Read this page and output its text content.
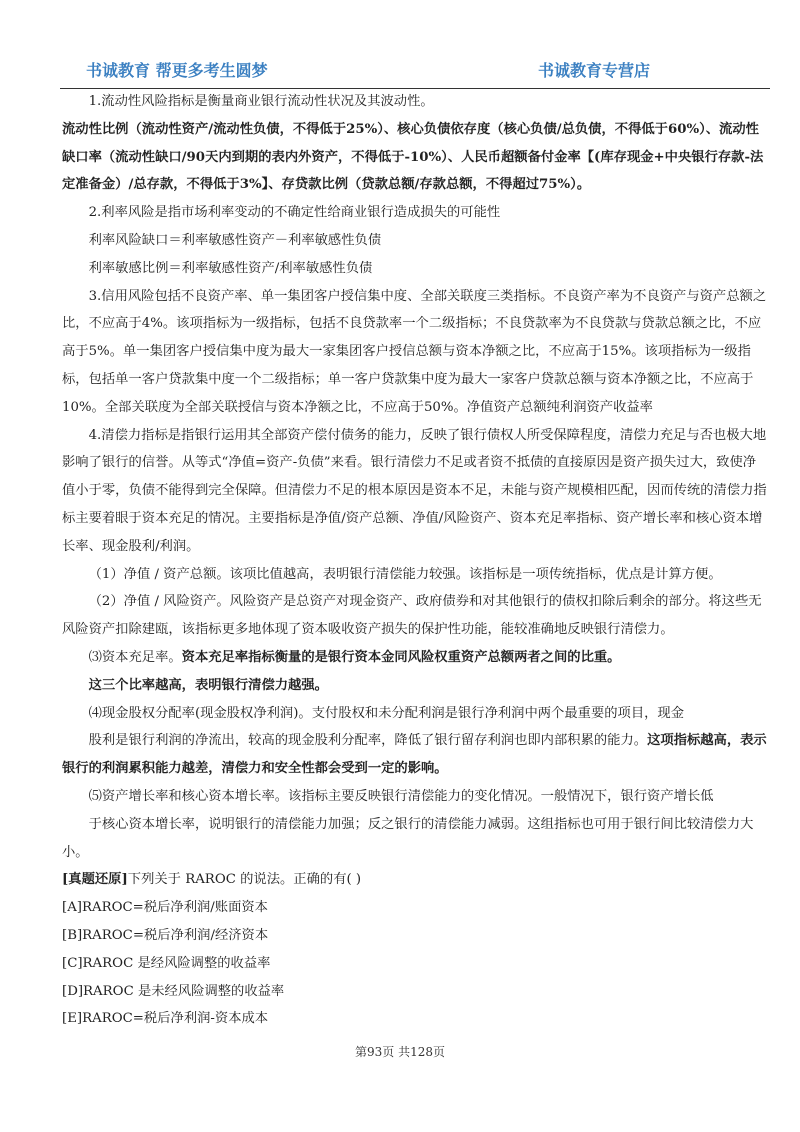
书诚教育 帮更多考生圆梦	书诚教育专营店

1.流动性风险指标是衡量商业银行流动性状况及其波动性。

流动性比例（流动性资产/流动性负债，不得低于25%）、核心负债依存度（核心负债/总负债，不得低于60%）、流动性缺口率（流动性缺口/90天内到期的表内外资产，不得低于-10%）、人民币超额备付金率【(库存现金+中央银行存款-法定准备金）/总存款，不得低于3%】、存贷款比例（贷款总额/存款总额，不得超过75%）。

2.利率风险是指市场利率变动的不确定性给商业银行造成损失的可能性

利率风险缺口＝利率敏感性资产－利率敏感性负债

利率敏感比例＝利率敏感性资产/利率敏感性负债

3.信用风险包括不良资产率、单一集团客户授信集中度、全部关联度三类指标。不良资产率为不良资产与资产总额之比，不应高于4%。该项指标为一级指标，包括不良贷款率一个二级指标；不良贷款率为不良贷款与贷款总额之比，不应高于5%。单一集团客户授信集中度为最大一家集团客户授信总额与资本净额之比，不应高于15%。该项指标为一级指标，包括单一客户贷款集中度一个二级指标；单一客户贷款集中度为最大一家客户贷款总额与资本净额之比，不应高于10%。全部关联度为全部关联授信与资本净额之比，不应高于50%。净值资产总额纯利润资产收益率

4.清偿力指标是指银行运用其全部资产偿付债务的能力，反映了银行债权人所受保障程度，清偿力充足与否也极大地影响了银行的信誉。从等式“净值=资产-负债”来看。银行清偿力不足或者资不抵债的直接原因是资产损失过大，致使净值小于零，负债不能得到完全保障。但清偿力不足的根本原因是资本不足，未能与资产规模相匹配，因而传统的清偿力指标主要着眼于资本充足的情况。主要指标是净值/资产总额、净值/风险资产、资本充足率指标、资产增长率和核心资本增长率、现金股利/利润。

（1）净值 / 资产总额。该项比值越高，表明银行清偿能力较强。该指标是一项传统指标，优点是计算方便。

（2）净值 / 风险资产。风险资产是总资产对现金资产、政府债券和对其他银行的债权扣除后剩余的部分。将这些无风险资产扣除建瓯，该指标更多地体现了资本吸收资产损失的保护性功能，能较准确地反映银行清偿力。

⑶资本充足率。资本充足率指标衡量的是银行资本金同风险权重资产总额两者之间的比重。

这三个比率越高，表明银行清偿力越强。

⑷现金股权分配率(现金股权净利润)。支付股权和未分配利润是银行净利润中两个最重要的项目，现金

股利是银行利润的净流出，较高的现金股利分配率，降低了银行留存利润也即内部积累的能力。这项指标越高，表示银行的利润累积能力越差，清偿力和安全性都会受到一定的影响。

⑸资产增长率和核心资本增长率。该指标主要反映银行清偿能力的变化情况。一般情况下，银行资产增长低

于核心资本增长率，说明银行的清偿能力加强；反之银行的清偿能力减弱。这组指标也可用于银行间比较清偿力大小。

[真题还原]下列关于 RAROC 的说法。正确的有( )

[A]RAROC=税后净利润/账面资本

[B]RAROC=税后净利润/经济资本

[C]RAROC 是经风险调整的收益率

[D]RAROC 是未经风险调整的收益率

[E]RAROC=税后净利润-资本成本

第93页 共128页
